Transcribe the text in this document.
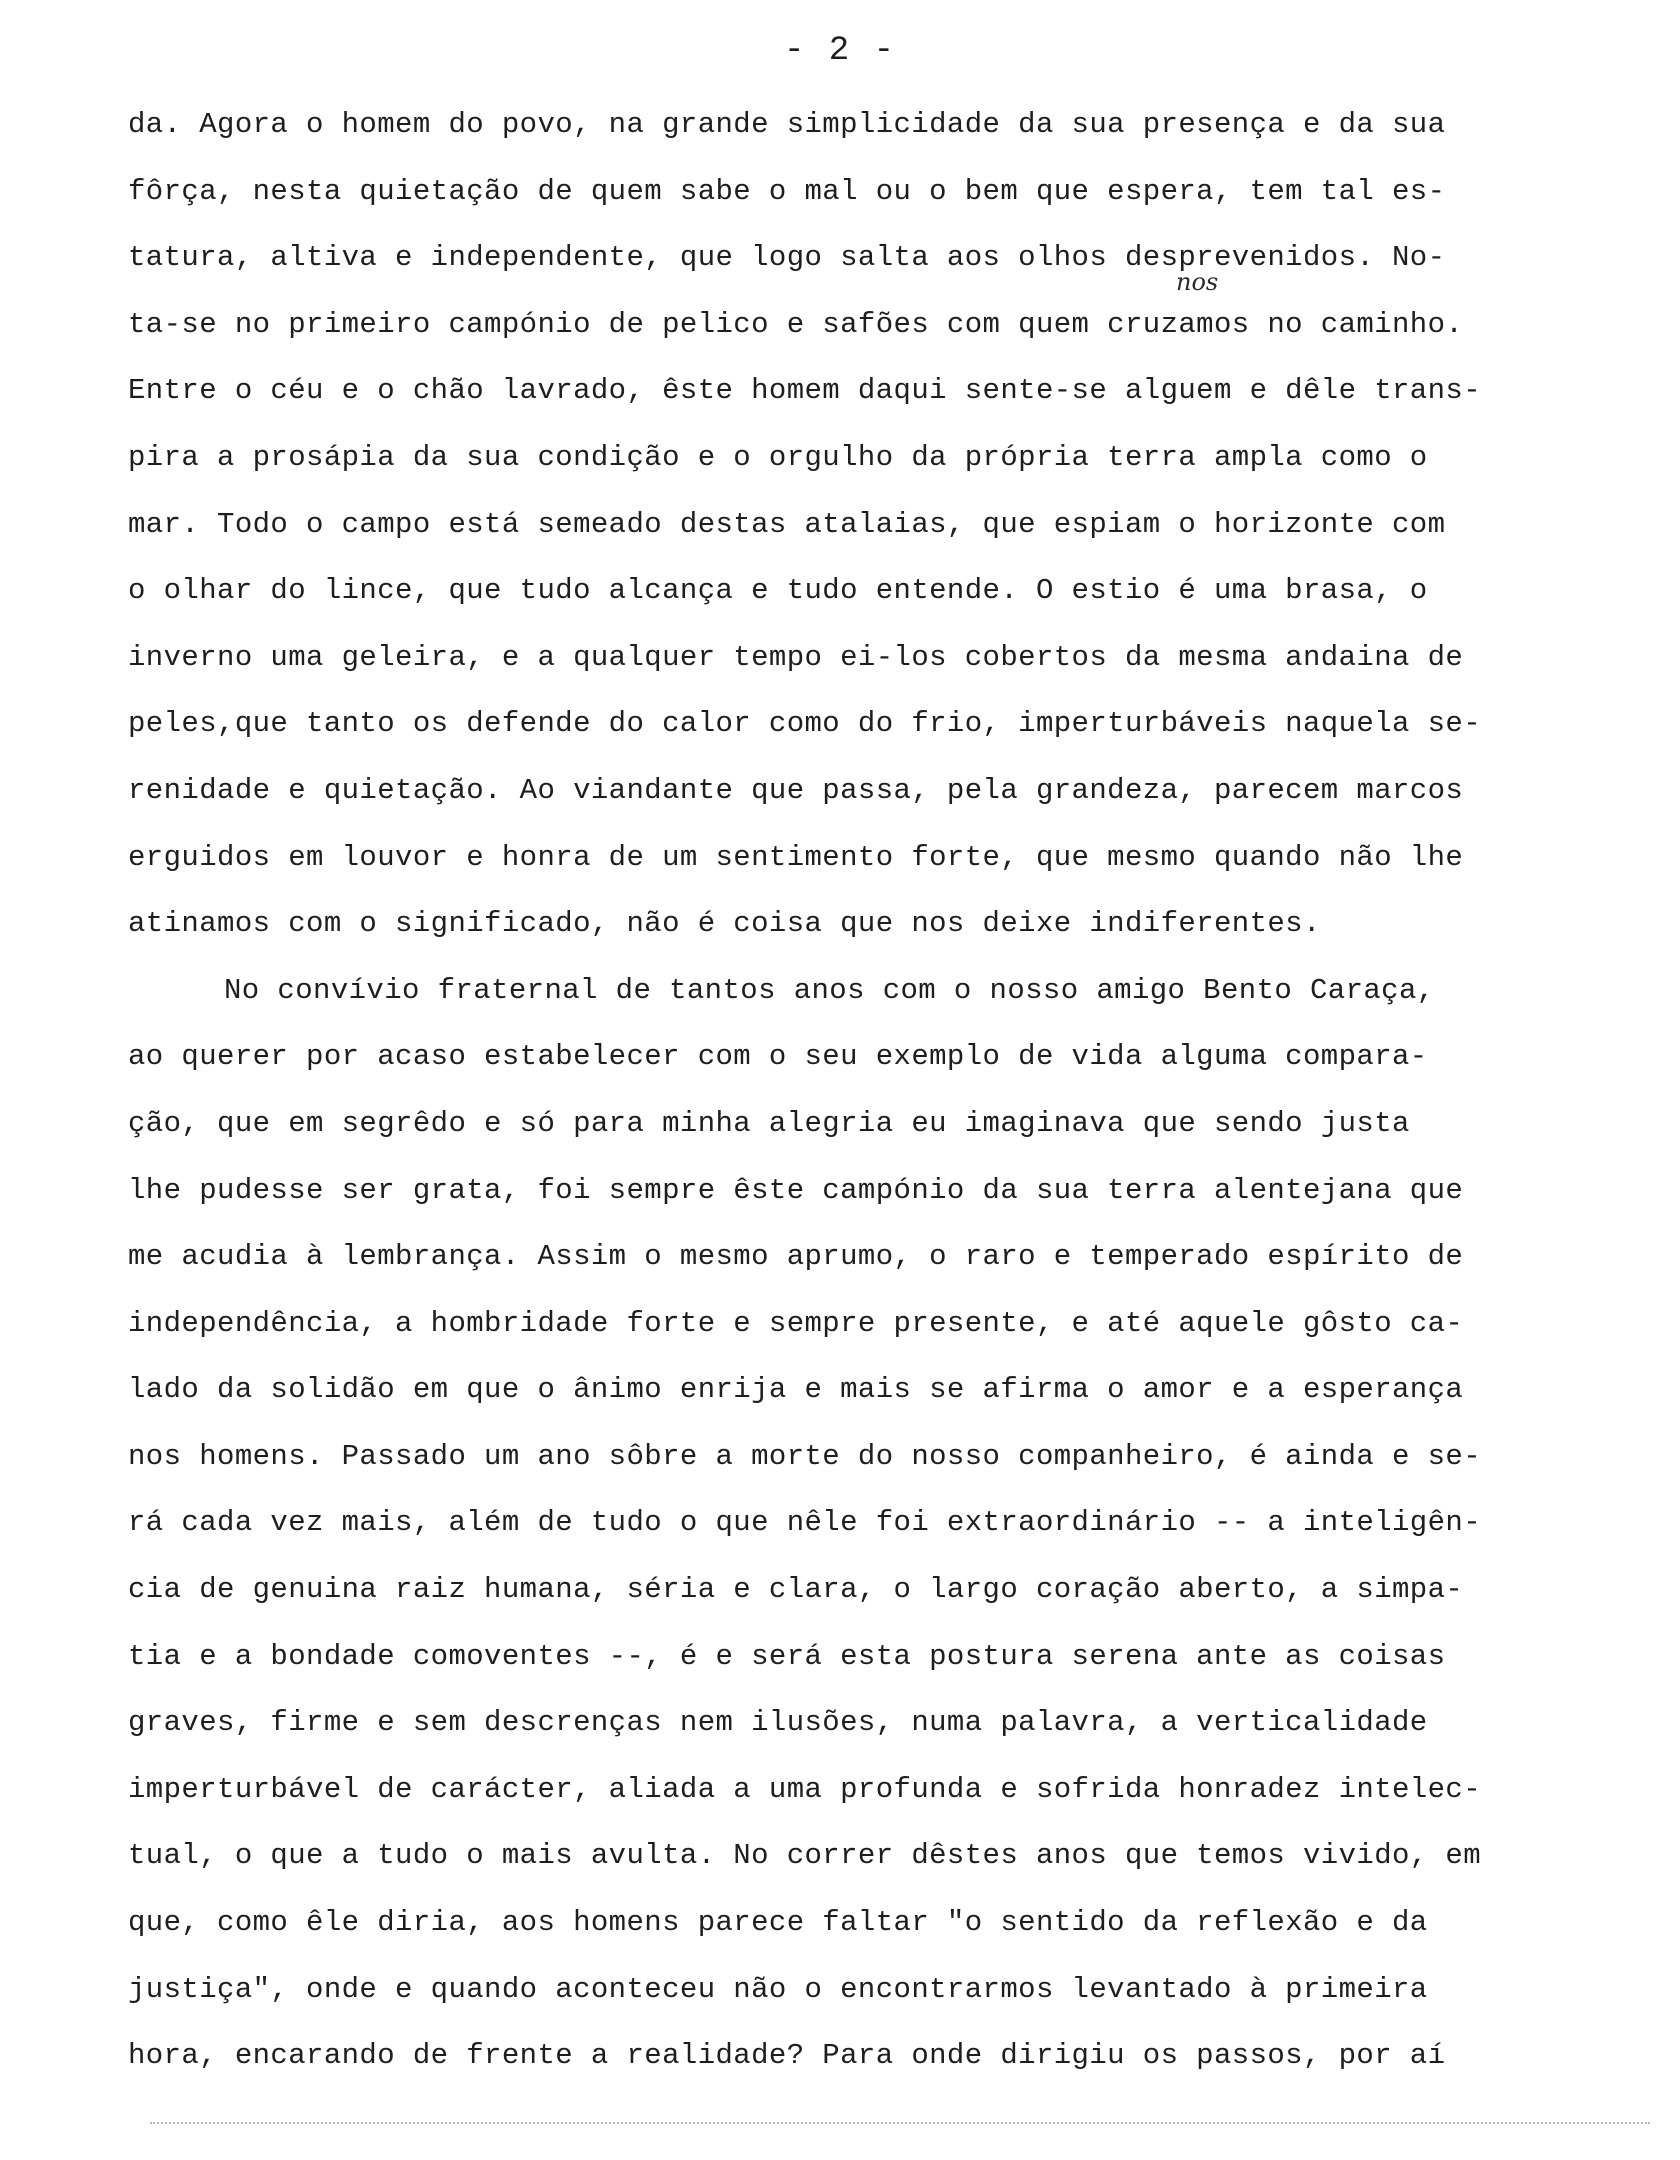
- 2 -
nos
da. Agora o homem do povo, na grande simplicidade da sua presença e da sua
fôrça, nesta quietação de quem sabe o mal ou o bem que espera, tem tal es-
tatura, altiva e independente, que logo salta aos olhos desprevenidos. No-
ta-se no primeiro campónio de pelico e safões com quem cruzamos no caminho.
Entre o céu e o chão lavrado, êste homem daqui sente-se alguem e dêle trans-
pira a prosápia da sua condição e o orgulho da própria terra ampla como o
mar. Todo o campo está semeado destas atalaias, que espiam o horizonte com
o olhar do lince, que tudo alcança e tudo entende. O estio é uma brasa, o
inverno uma geleira, e a qualquer tempo ei-los cobertos da mesma andaina de
peles,que tanto os defende do calor como do frio, imperturbáveis naquela se-
renidade e quietação. Ao viandante que passa, pela grandeza, parecem marcos
erguidos em louvor e honra de um sentimento forte, que mesmo quando não lhe
atinamos com o significado, não é coisa que nos deixe indiferentes.
No convívio fraternal de tantos anos com o nosso amigo Bento Caraça,
ao querer por acaso estabelecer com o seu exemplo de vida alguma compara-
ção, que em segrêdo e só para minha alegria eu imaginava que sendo justa
lhe pudesse ser grata, foi sempre êste campónio da sua terra alentejana que
me acudia à lembrança. Assim o mesmo aprumo, o raro e temperado espírito de
independência, a hombridade forte e sempre presente, e até aquele gôsto ca-
lado da solidão em que o ânimo enrija e mais se afirma o amor e a esperança
nos homens. Passado um ano sôbre a morte do nosso companheiro, é ainda e se-
rá cada vez mais, além de tudo o que nêle foi extraordinário -- a inteligên-
cia de genuina raiz humana, séria e clara, o largo coração aberto, a simpa-
tia e a bondade comoventes --, é e será esta postura serena ante as coisas
graves, firme e sem descrenças nem ilusões, numa palavra, a verticalidade
imperturbável de carácter, aliada a uma profunda e sofrida honradez intelec-
tual, o que a tudo o mais avulta. No correr dêstes anos que temos vivido, em
que, como êle diria, aos homens parece faltar "o sentido da reflexão e da
justiça", onde e quando aconteceu não o encontrarmos levantado à primeira
hora, encarando de frente a realidade? Para onde dirigiu os passos, por aí
